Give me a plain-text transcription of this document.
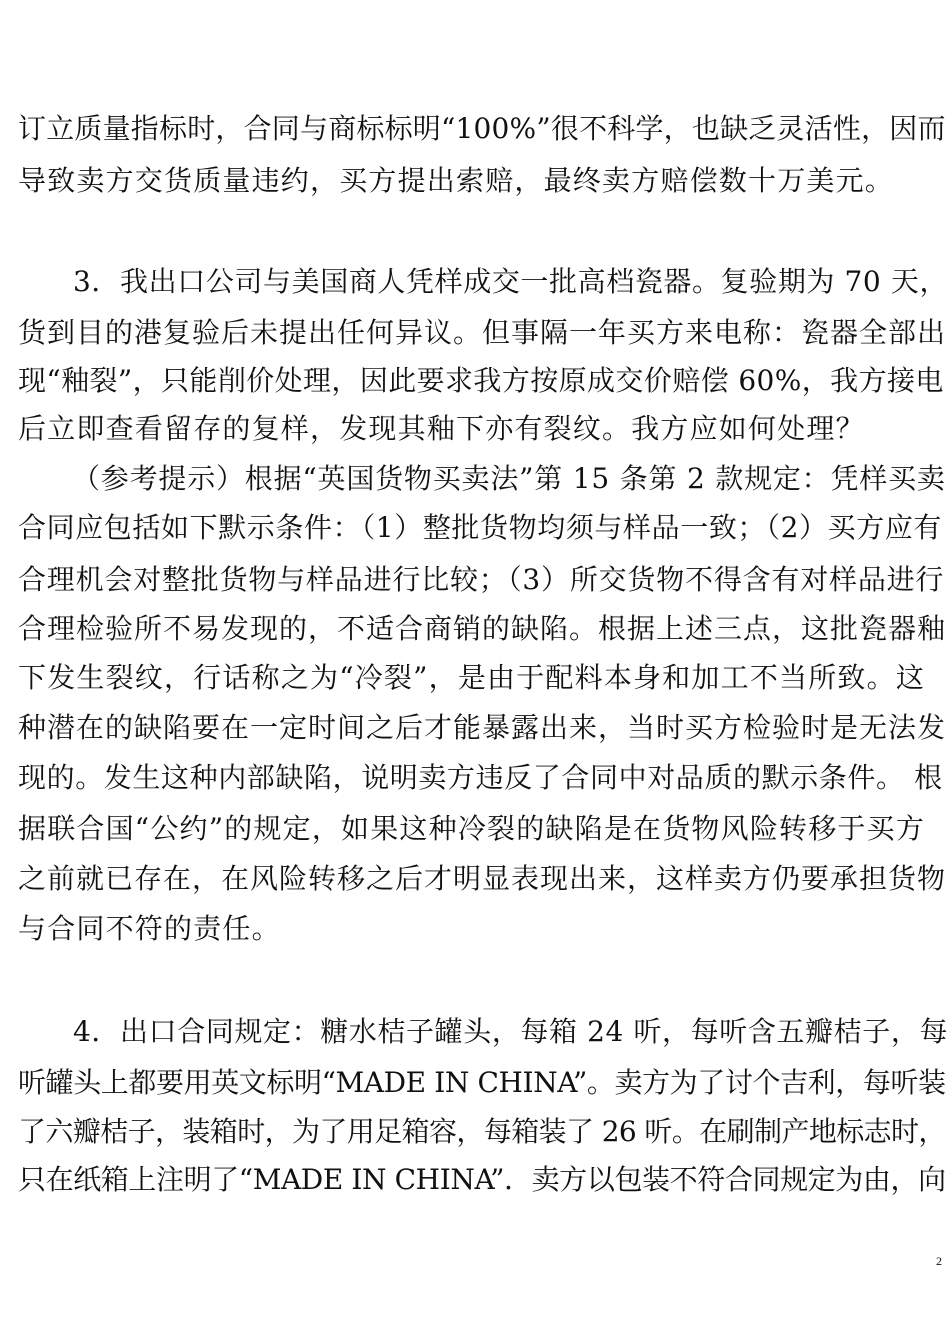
订立质量指标时，合同与商标标明“100%”很不科学，也缺乏灵活性，因而
导致卖方交货质量违约，买方提出索赔，最终卖方赔偿数十万美元。
3．我出口公司与美国商人凭样成交一批高档瓷器。复验期为 70 天，
货到目的港复验后未提出任何异议。但事隔一年买方来电称：瓷器全部出
现“釉裂”，只能削价处理，因此要求我方按原成交价赔偿 60%，我方接电
后立即查看留存的复样，发现其釉下亦有裂纹。我方应如何处理？
（参考提示）根据“英国货物买卖法”第 15 条第 2 款规定：凭样买卖
合同应包括如下默示条件：（1）整批货物均须与样品一致；（2）买方应有
合理机会对整批货物与样品进行比较；（3）所交货物不得含有对样品进行
合理检验所不易发现的，不适合商销的缺陷。根据上述三点，这批瓷器釉
下发生裂纹，行话称之为“冷裂”，是由于配料本身和加工不当所致。这
种潜在的缺陷要在一定时间之后才能暴露出来，当时买方检验时是无法发
现的。发生这种内部缺陷，说明卖方违反了合同中对品质的默示条件。 根
据联合国“公约”的规定，如果这种冷裂的缺陷是在货物风险转移于买方
之前就已存在，在风险转移之后才明显表现出来，这样卖方仍要承担货物
与合同不符的责任。
4．出口合同规定：糖水桔子罐头，每箱 24 听，每听含五瓣桔子，每
听罐头上都要用英文标明“MADE IN CHINA”。卖方为了讨个吉利，每听装
了六瓣桔子，装箱时，为了用足箱容，每箱装了 26 听。在刷制产地标志时，
只在纸箱上注明了“MADE IN CHINA”．卖方以包装不符合同规定为由，向
2
